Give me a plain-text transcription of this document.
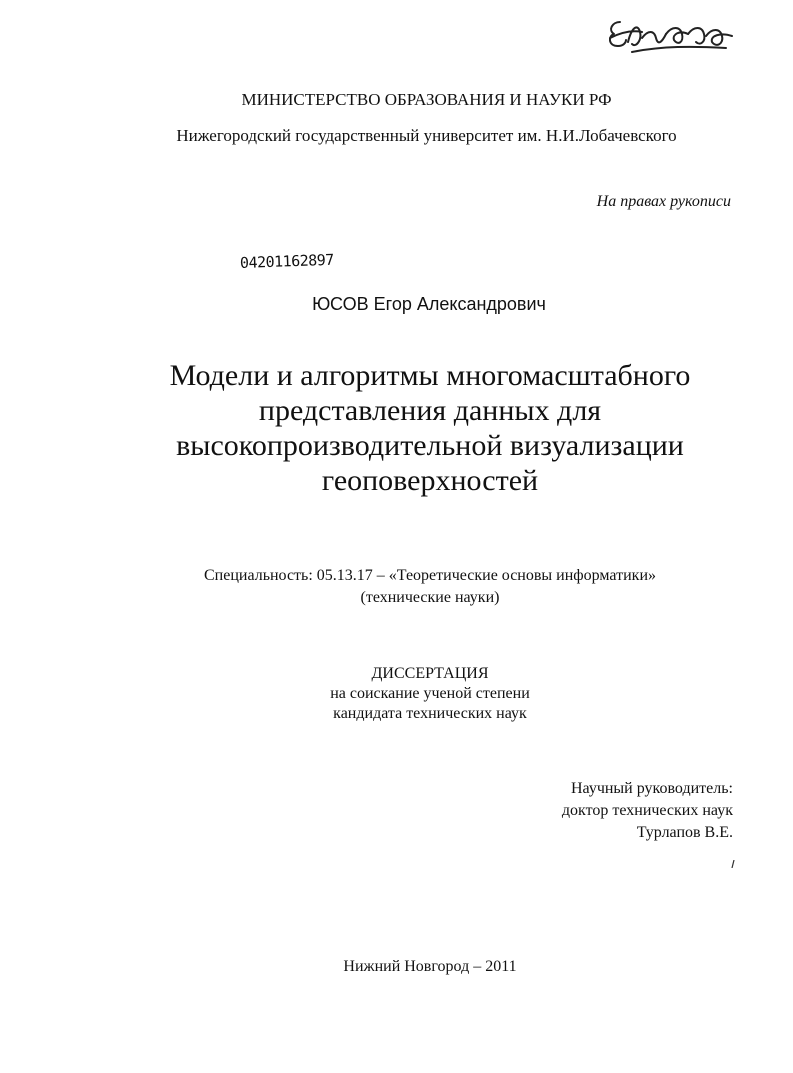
МИНИСТЕРСТВО ОБРАЗОВАНИЯ И НАУКИ РФ
Нижегородский государственный университет им. Н.И.Лобачевского
На правах рукописи
04201162897
ЮСОВ Егор Александрович
Модели и алгоритмы многомасштабного
представления данных для
высокопроизводительной визуализации
геоповерхностей
Специальность: 05.13.17 – «Теоретические основы информатики»
(технические науки)
ДИССЕРТАЦИЯ
на соискание ученой степени
кандидата технических наук
Научный руководитель:
доктор технических наук
Турлапов В.Е.
Нижний Новгород – 2011
